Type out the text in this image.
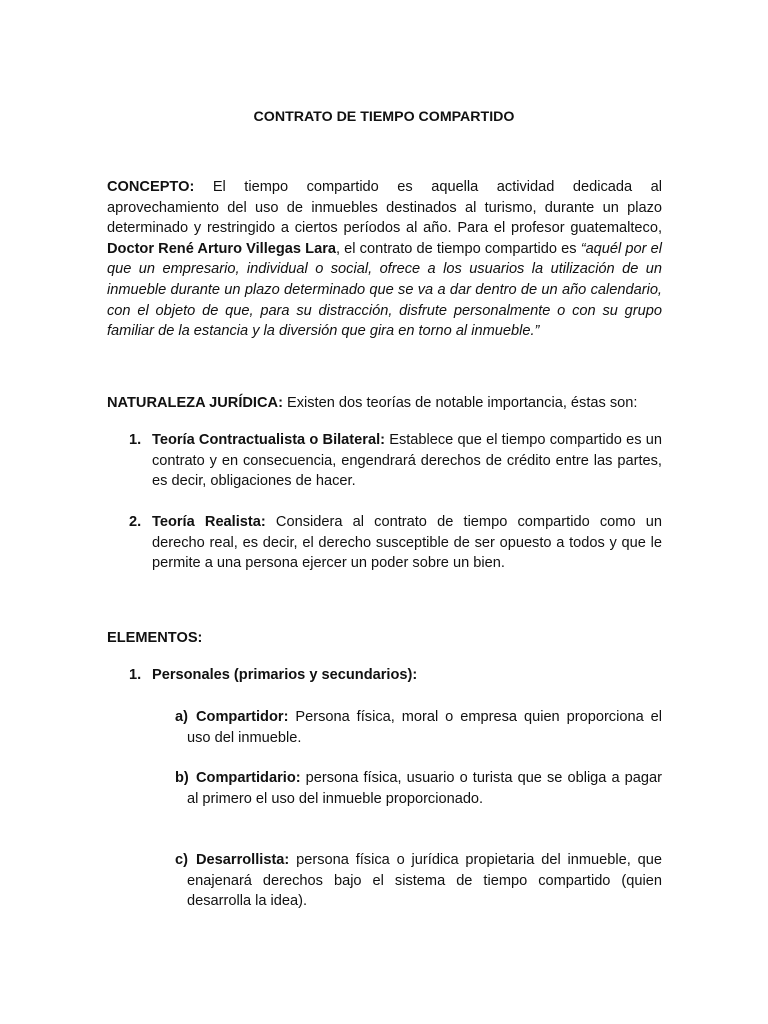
CONTRATO DE TIEMPO COMPARTIDO
CONCEPTO: El tiempo compartido es aquella actividad dedicada al aprovechamiento del uso de inmuebles destinados al turismo, durante un plazo determinado y restringido a ciertos períodos al año. Para el profesor guatemalteco, Doctor René Arturo Villegas Lara, el contrato de tiempo compartido es “aquél por el que un empresario, individual o social, ofrece a los usuarios la utilización de un inmueble durante un plazo determinado que se va a dar dentro de un año calendario, con el objeto de que, para su distracción, disfrute personalmente o con su grupo familiar de la estancia y la diversión que gira en torno al inmueble.”
NATURALEZA JURÍDICA: Existen dos teorías de notable importancia, éstas son:
1. Teoría Contractualista o Bilateral: Establece que el tiempo compartido es un contrato y en consecuencia, engendrará derechos de crédito entre las partes, es decir, obligaciones de hacer.
2. Teoría Realista: Considera al contrato de tiempo compartido como un derecho real, es decir, el derecho susceptible de ser opuesto a todos y que le permite a una persona ejercer un poder sobre un bien.
ELEMENTOS:
1. Personales (primarios y secundarios):
a) Compartidor: Persona física, moral o empresa quien proporciona el uso del inmueble.
b) Compartidario: persona física, usuario o turista que se obliga a pagar al primero el uso del inmueble proporcionado.
c) Desarrollista: persona física o jurídica propietaria del inmueble, que enajenará derechos bajo el sistema de tiempo compartido (quien desarrolla la idea).
